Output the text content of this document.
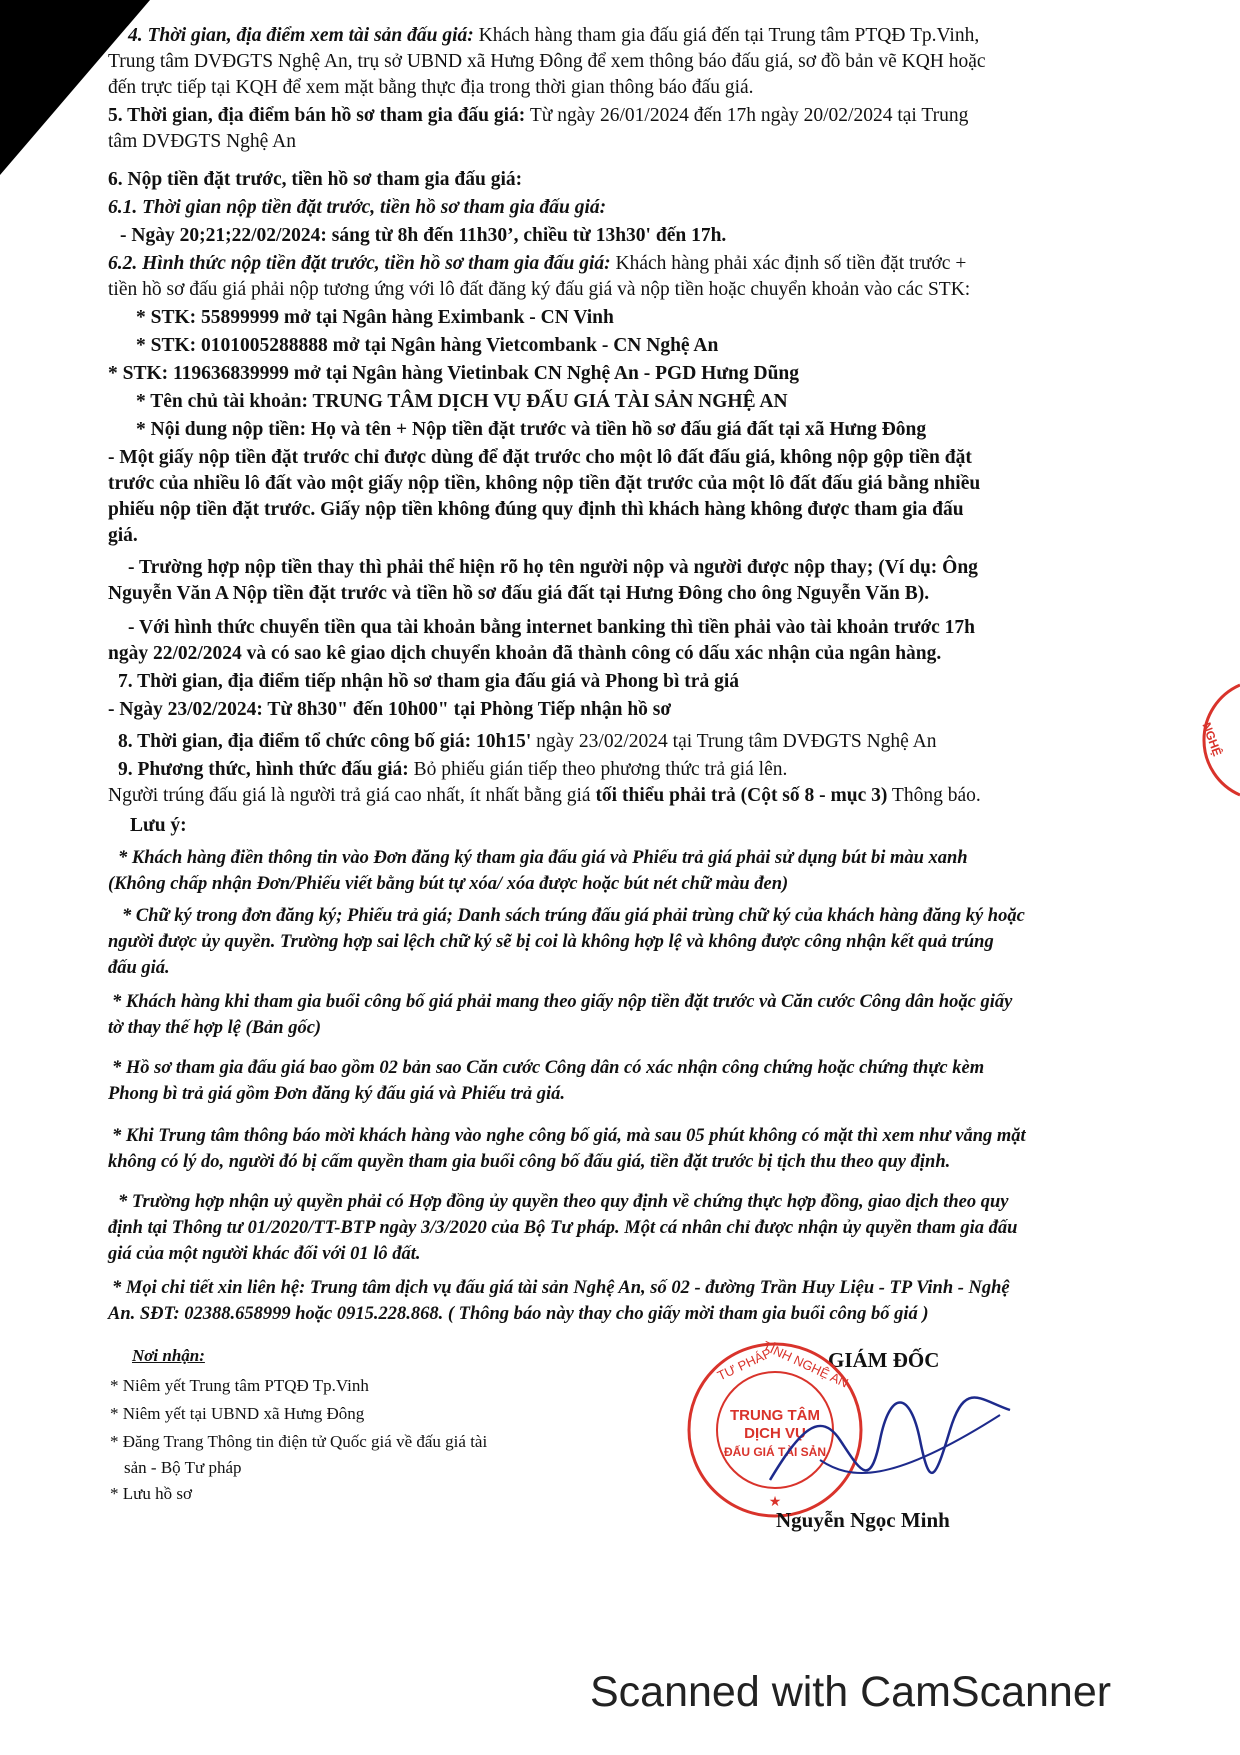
4. Thời gian, địa điểm xem tài sản đấu giá: Khách hàng tham gia đấu giá đến tại Trung tâm PTQĐ Tp.Vinh,
Trung tâm DVĐGTS Nghệ An, trụ sở UBND xã Hưng Đông để xem thông báo đấu giá, sơ đồ bản vẽ KQH hoặc
đến trực tiếp tại KQH để xem mặt bằng thực địa trong thời gian thông báo đấu giá.
5. Thời gian, địa điểm bán hồ sơ tham gia đấu giá: Từ ngày 26/01/2024 đến 17h ngày 20/02/2024 tại Trung
tâm DVĐGTS Nghệ An
6. Nộp tiền đặt trước, tiền hồ sơ tham gia đấu giá:
6.1. Thời gian nộp tiền đặt trước, tiền hồ sơ tham gia đấu giá:
- Ngày 20;21;22/02/2024: sáng từ 8h đến 11h30’, chiều từ 13h30' đến 17h.
6.2. Hình thức nộp tiền đặt trước, tiền hồ sơ tham gia đấu giá: Khách hàng phải xác định số tiền đặt trước +
tiền hồ sơ đấu giá phải nộp tương ứng với lô đất đăng ký đấu giá và nộp tiền hoặc chuyển khoản vào các STK:
* STK: 55899999 mở tại Ngân hàng Eximbank - CN Vinh
* STK: 0101005288888 mở tại Ngân hàng Vietcombank - CN Nghệ An
* STK: 119636839999 mở tại Ngân hàng Vietinbak CN Nghệ An - PGD Hưng Dũng
* Tên chủ tài khoản: TRUNG TÂM DỊCH VỤ ĐẤU GIÁ TÀI SẢN NGHỆ AN
* Nội dung nộp tiền: Họ và tên + Nộp tiền đặt trước và tiền hồ sơ đấu giá đất tại xã Hưng Đông
- Một giấy nộp tiền đặt trước chỉ được dùng để đặt trước cho một lô đất đấu giá, không nộp gộp tiền đặt
trước của nhiều lô đất vào một giấy nộp tiền, không nộp tiền đặt trước của một lô đất đấu giá bằng nhiều
phiếu nộp tiền đặt trước. Giấy nộp tiền không đúng quy định thì khách hàng không được tham gia đấu
giá.
- Trường hợp nộp tiền thay thì phải thể hiện rõ họ tên người nộp và người được nộp thay; (Ví dụ: Ông
Nguyễn Văn A Nộp tiền đặt trước và tiền hồ sơ đấu giá đất tại Hưng Đông cho ông Nguyễn Văn B).
- Với hình thức chuyển tiền qua tài khoản bằng internet banking thì tiền phải vào tài khoản trước 17h
ngày 22/02/2024 và có sao kê giao dịch chuyển khoản đã thành công có dấu xác nhận của ngân hàng.
7. Thời gian, địa điểm tiếp nhận hồ sơ tham gia đấu giá và Phong bì trả giá
- Ngày 23/02/2024: Từ 8h30" đến 10h00" tại Phòng Tiếp nhận hồ sơ
8. Thời gian, địa điểm tổ chức công bố giá: 10h15' ngày 23/02/2024 tại Trung tâm DVĐGTS Nghệ An
9. Phương thức, hình thức đấu giá: Bỏ phiếu gián tiếp theo phương thức trả giá lên.
Người trúng đấu giá là người trả giá cao nhất, ít nhất bằng giá tối thiểu phải trả (Cột số 8 - mục 3) Thông báo.
Lưu ý:
* Khách hàng điền thông tin vào Đơn đăng ký tham gia đấu giá và Phiếu trả giá phải sử dụng bút bi màu xanh
(Không chấp nhận Đơn/Phiếu viết bằng bút tự xóa/ xóa được hoặc bút nét chữ màu đen)
* Chữ ký trong đơn đăng ký; Phiếu trả giá; Danh sách trúng đấu giá phải trùng chữ ký của khách hàng đăng ký hoặc
người được ủy quyền. Trường hợp sai lệch chữ ký sẽ bị coi là không hợp lệ và không được công nhận kết quả trúng
đấu giá.
* Khách hàng khi tham gia buổi công bố giá phải mang theo giấy nộp tiền đặt trước và Căn cước Công dân hoặc giấy
tờ thay thế hợp lệ (Bản gốc)
* Hồ sơ tham gia đấu giá bao gồm 02 bản sao Căn cước Công dân có xác nhận công chứng hoặc chứng thực kèm
Phong bì trả giá gồm Đơn đăng ký đấu giá và Phiếu trả giá.
* Khi Trung tâm thông báo mời khách hàng vào nghe công bố giá, mà sau 05 phút không có mặt thì xem như vắng mặt
không có lý do, người đó bị cấm quyền tham gia buổi công bố đấu giá, tiền đặt trước bị tịch thu theo quy định.
* Trường hợp nhận uỷ quyền phải có Hợp đồng ủy quyền theo quy định về chứng thực hợp đồng, giao dịch theo quy
định tại Thông tư 01/2020/TT-BTP ngày 3/3/2020 của Bộ Tư pháp. Một cá nhân chỉ được nhận ủy quyền tham gia đấu
giá của một người khác đối với 01 lô đất.
* Mọi chi tiết xin liên hệ: Trung tâm dịch vụ đấu giá tài sản Nghệ An, số 02 - đường Trần Huy Liệu - TP Vinh - Nghệ
An. SĐT: 02388.658999 hoặc 0915.228.868. ( Thông báo này thay cho giấy mời tham gia buổi công bố giá )
Nơi nhận:
* Niêm yết Trung tâm PTQĐ Tp.Vinh
* Niêm yết tại UBND xã Hưng Đông
* Đăng Trang Thông tin điện tử Quốc giá về đấu giá tài
sản - Bộ Tư pháp
* Lưu hồ sơ
GIÁM ĐỐC
TƯ PHÁP
TỈNH NGHỆ AN
TRUNG TÂM
DỊCH VỤ
ĐẤU GIÁ TÀI SẢN
★
Nguyễn Ngọc Minh
NGHỆ
Scanned with CamScanner
